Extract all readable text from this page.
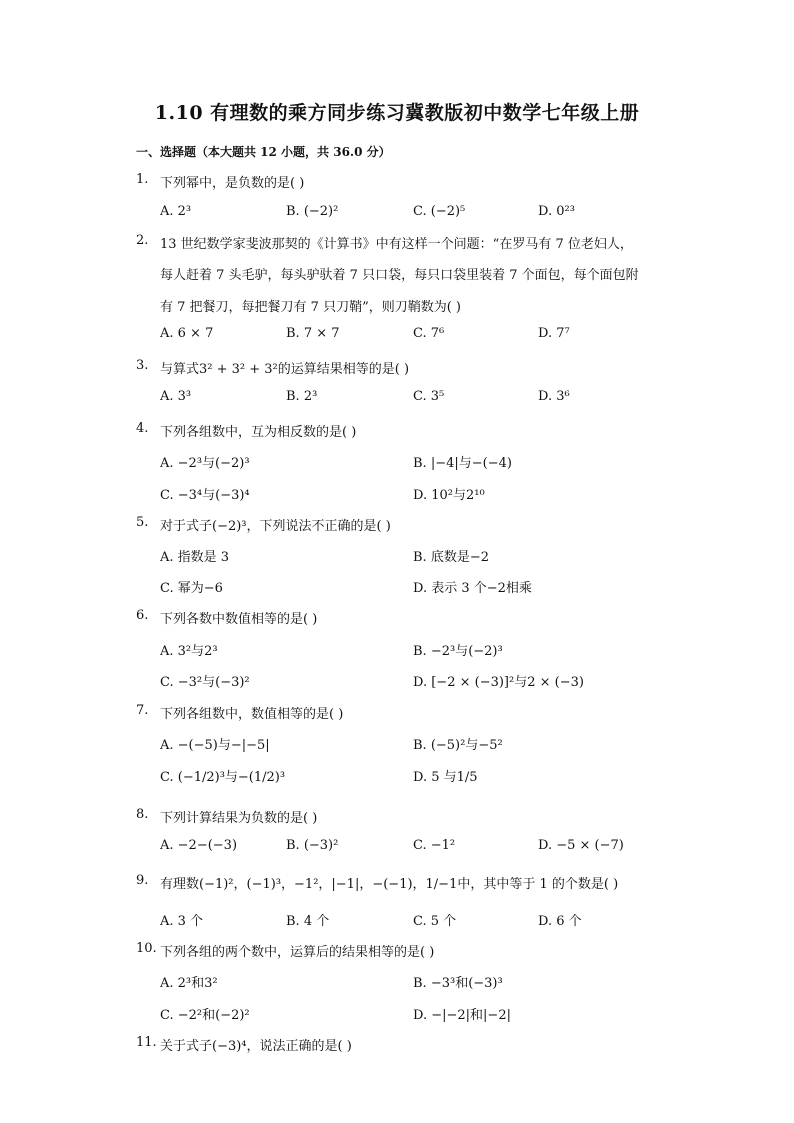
1.10 有理数的乘方同步练习冀教版初中数学七年级上册
一、选择题（本大题共 12 小题，共 36.0 分）
1. 下列幂中，是负数的是( )
A. 2³	B. (−2)²	C. (−2)⁵	D. 0²³
2. 13 世纪数学家斐波那契的《计算书》中有这样一个问题：“在罗马有 7 位老妇人，
每人赶着 7 头毛驴，每头驴驮着 7 只口袋，每只口袋里装着 7 个面包，每个面包附
有 7 把餐刀，每把餐刀有 7 只刀鞘”，则刀鞘数为( )
A. 6 × 7	B. 7 × 7	C. 7⁶	D. 7⁷
3. 与算式3² + 3² + 3²的运算结果相等的是( )
A. 3³	B. 2³	C. 3⁵	D. 3⁶
4. 下列各组数中，互为相反数的是( )
A. −2³与(−2)³	B. |−4|与−(−4)
C. −3⁴与(−3)⁴	D. 10²与2¹⁰
5. 对于式子(−2)³，下列说法不正确的是( )
A. 指数是 3	B. 底数是−2
C. 幂为−6	D. 表示 3 个−2相乘
6. 下列各数中数值相等的是( )
A. 3²与2³	B. −2³与(−2)³
C. −3²与(−3)²	D. [−2 × (−3)]²与2 × (−3)
7. 下列各组数中，数值相等的是( )
A. −(−5)与−|−5|	B. (−5)²与−5²
C. (−1/2)³与−(1/2)³	D. 5 与1/5
8. 下列计算结果为负数的是( )
A. −2−(−3)	B. (−3)²	C. −1²	D. −5 × (−7)
9. 有理数(−1)²，(−1)³，−1²，|−1|，−(−1)，1/−1中，其中等于 1 的个数是( )
A. 3 个	B. 4 个	C. 5 个	D. 6 个
10. 下列各组的两个数中，运算后的结果相等的是( )
A. 2³和3²	B. −3³和(−3)³
C. −2²和(−2)²	D. −|−2|和|−2|
11. 关于式子(−3)⁴，说法正确的是( )
